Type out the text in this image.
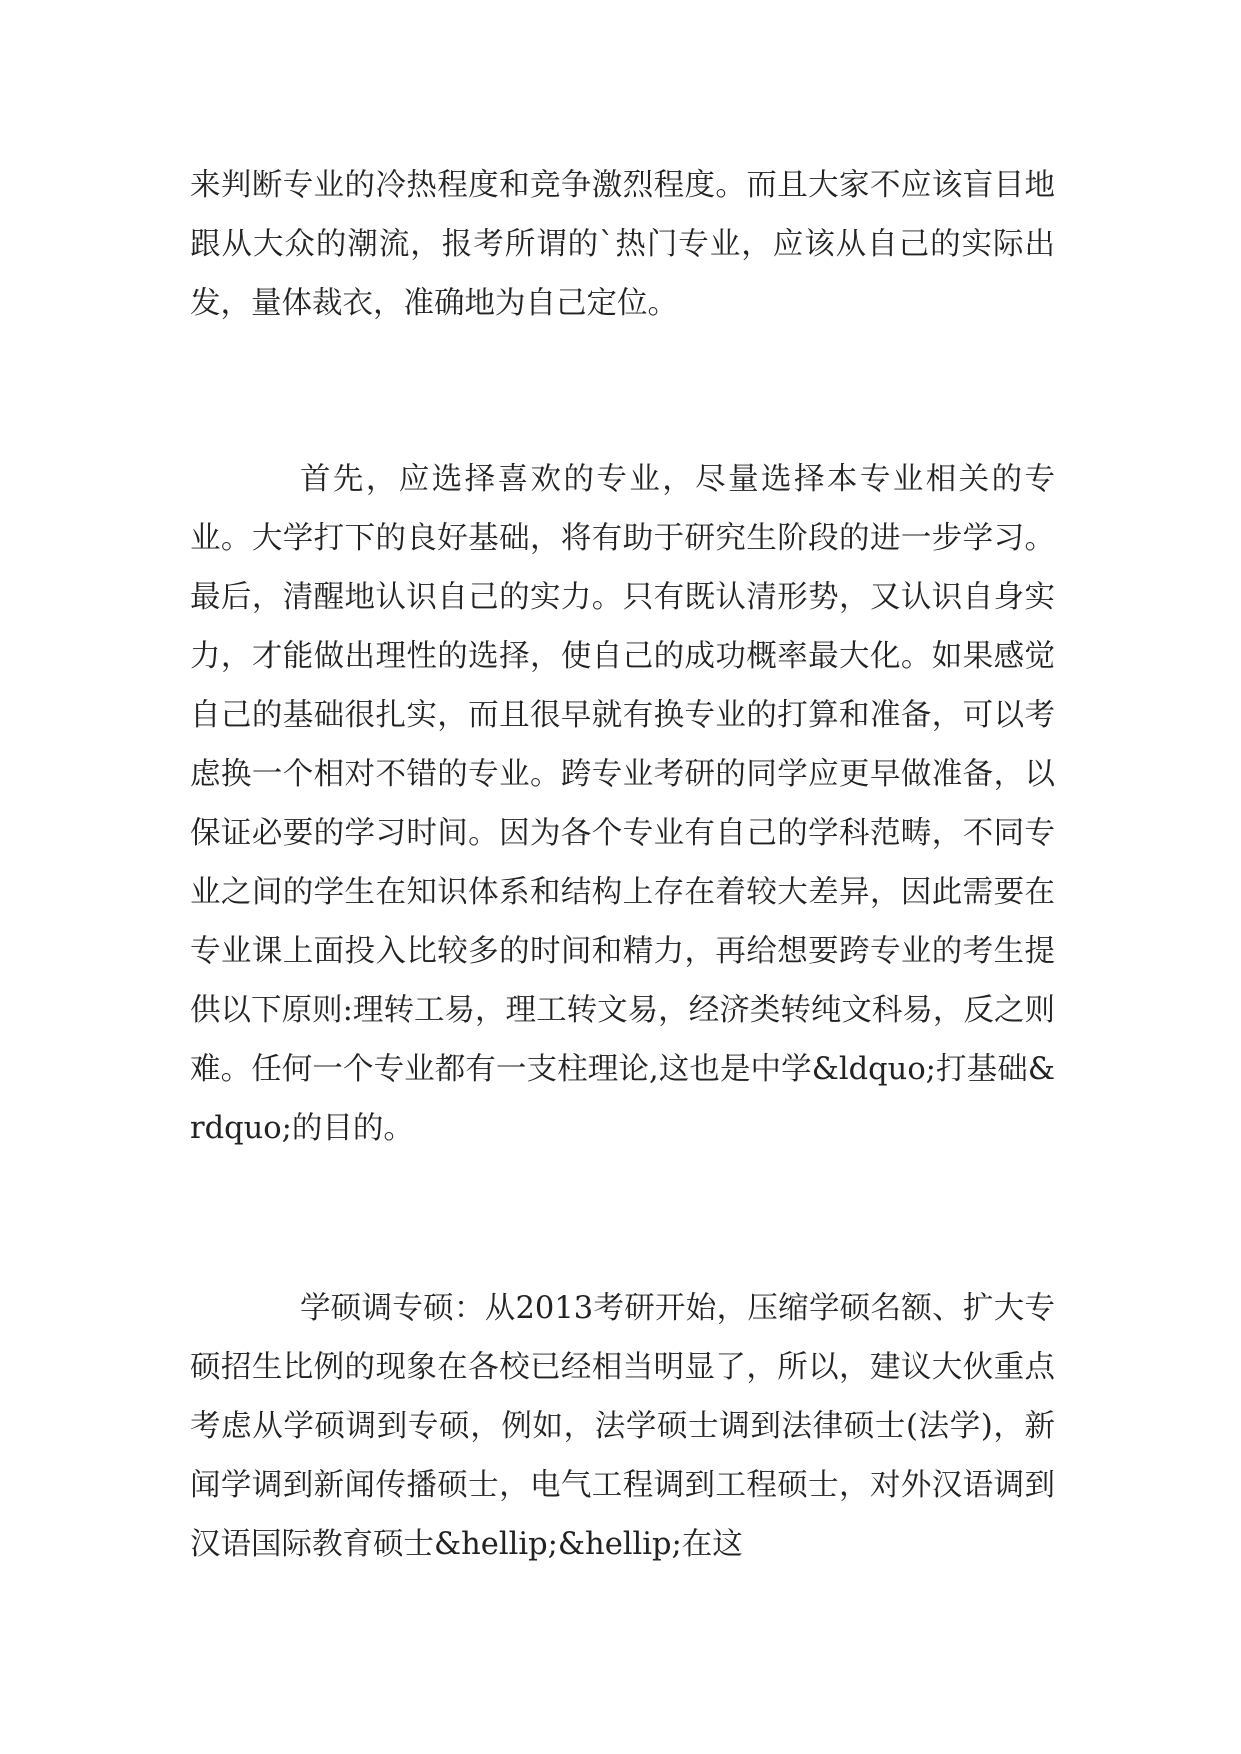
来判断专业的冷热程度和竞争激烈程度。而且大家不应该盲目地跟从大众的潮流，报考所谓的`热门专业，应该从自己的实际出发，量体裁衣，准确地为自己定位。

首先，应选择喜欢的专业，尽量选择本专业相关的专业。大学打下的良好基础，将有助于研究生阶段的进一步学习。最后，清醒地认识自己的实力。只有既认清形势，又认识自身实力，才能做出理性的选择，使自己的成功概率最大化。如果感觉自己的基础很扎实，而且很早就有换专业的打算和准备，可以考虑换一个相对不错的专业。跨专业考研的同学应更早做准备，以保证必要的学习时间。因为各个专业有自己的学科范畴，不同专业之间的学生在知识体系和结构上存在着较大差异，因此需要在专业课上面投入比较多的时间和精力，再给想要跨专业的考生提供以下原则:理转工易，理工转文易，经济类转纯文科易，反之则难。任何一个专业都有一支柱理论,这也是中学&ldquo;打基础&rdquo;的目的。

学硕调专硕：从2013考研开始，压缩学硕名额、扩大专硕招生比例的现象在各校已经相当明显了，所以，建议大伙重点考虑从学硕调到专硕，例如，法学硕士调到法律硕士(法学)，新闻学调到新闻传播硕士，电气工程调到工程硕士，对外汉语调到汉语国际教育硕士&hellip;&hellip;在这
